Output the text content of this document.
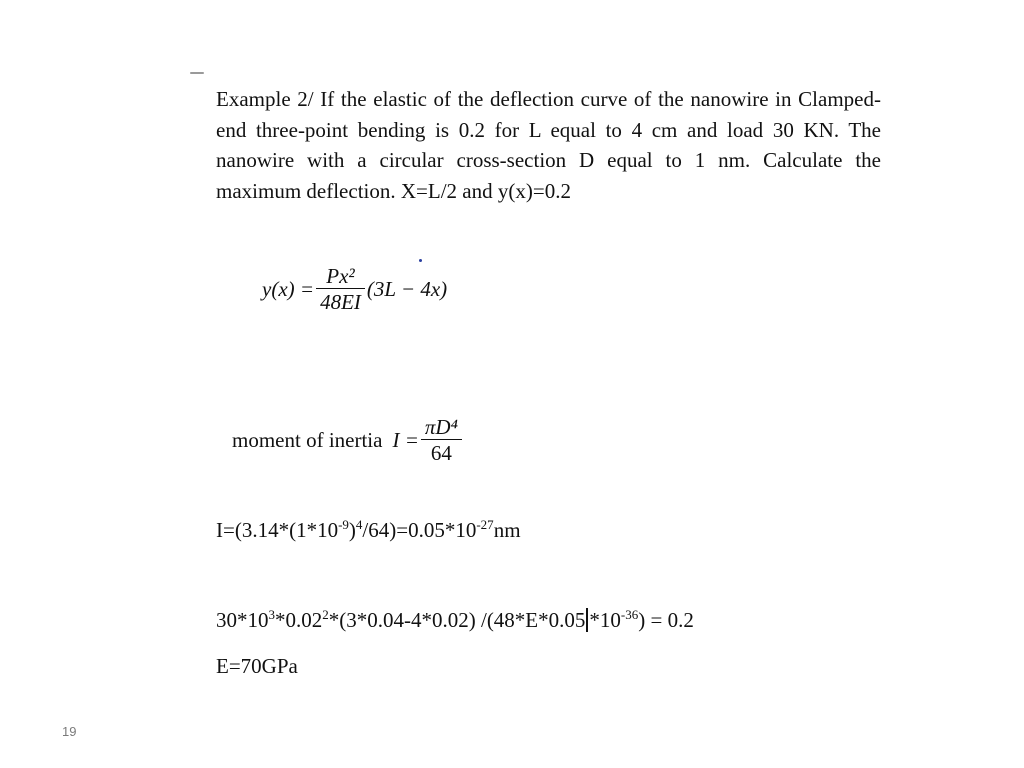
Example 2/ If the elastic of the deflection curve of the nanowire in Clamped-end three-point bending is 0.2 for L equal to 4 cm and load 30 KN. The nanowire with a circular cross-section D equal to 1 nm. Calculate the maximum deflection. X=L/2 and y(x)=0.2
$y(x) = \frac{\text{Px²}}{48EI} (3L - 4x)$
moment of inertia $I = \frac{\text{πD⁴}}{64}$
$I=(3.14*(1*10^{-9})^4/64)=0.05*10^{-27}nm$
$30*10^3*0.02^2*(3*0.04-4*0.02)$ /(48*E*0.05 $*10^{-36}) = 0.2$
E=70GPa
19
